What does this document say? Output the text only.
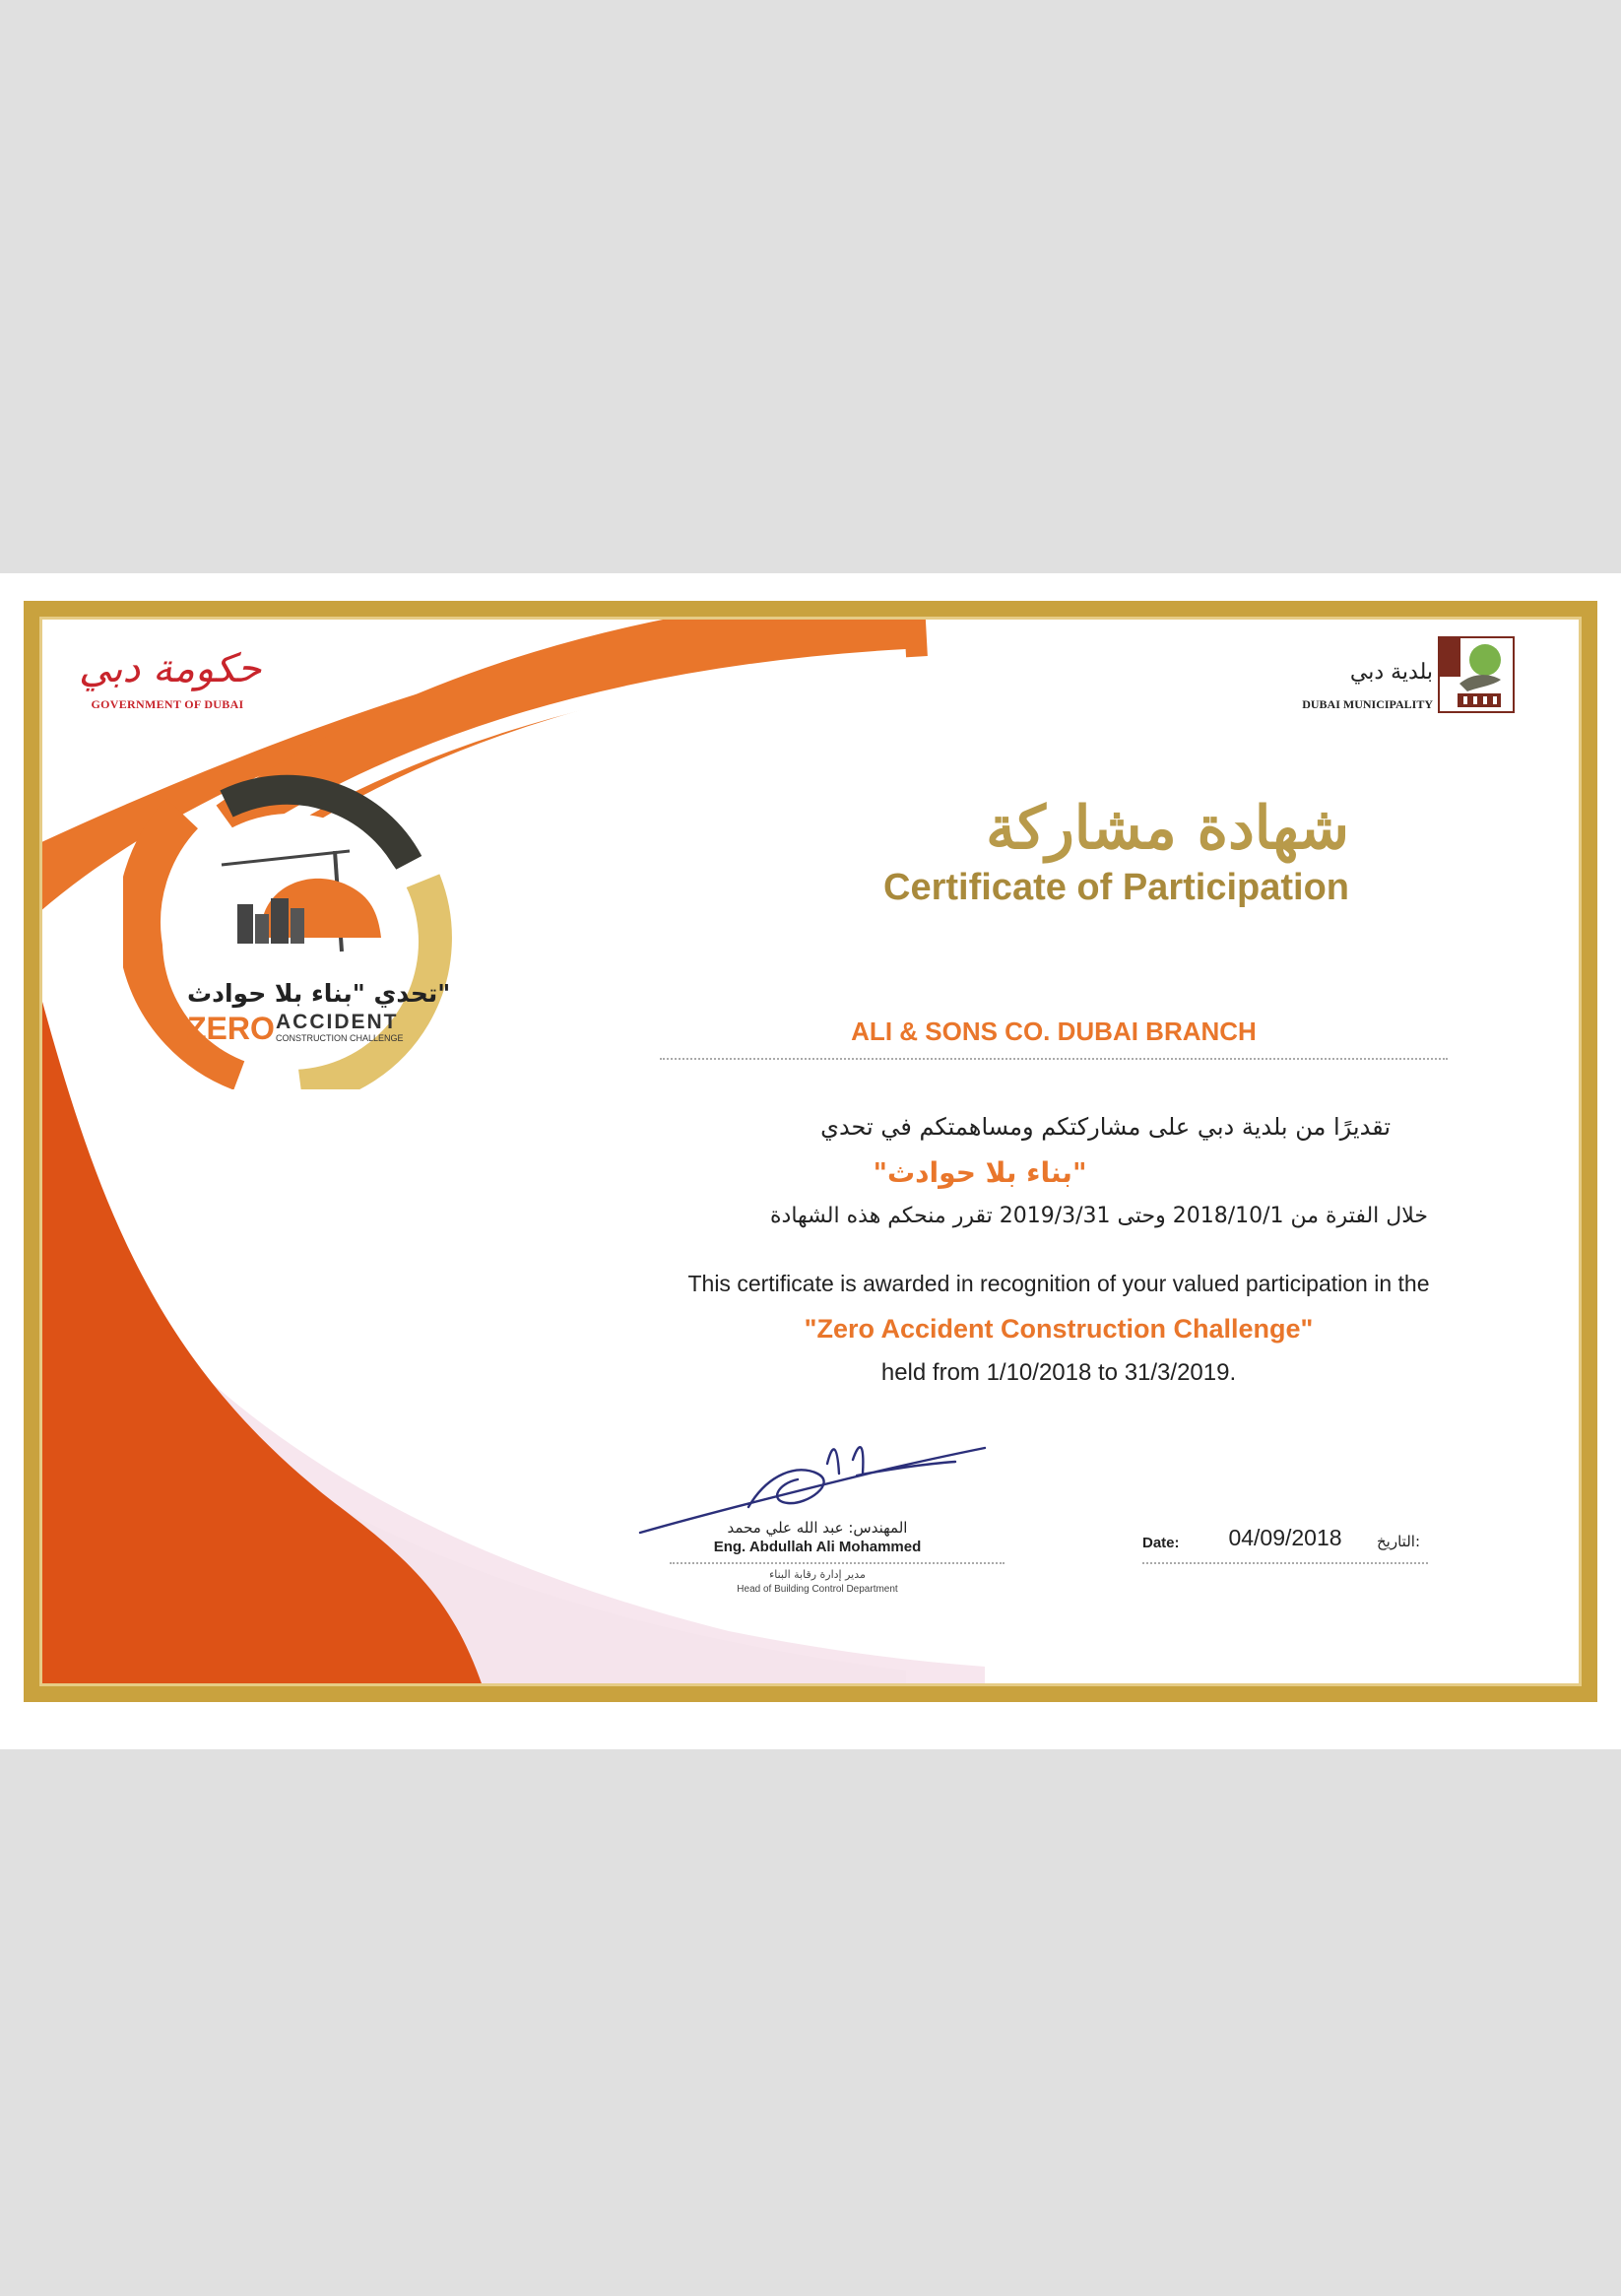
حكومة دبي
GOVERNMENT OF DUBAI
بلدية دبي
DUBAI MUNICIPALITY
تحدي "بناء بلا حوادث"
ZERO ACCIDENT
CONSTRUCTION CHALLENGE
شهادة مشاركة
Certificate of Participation
ALI & SONS CO. DUBAI BRANCH
تقديرًا من بلدية دبي على مشاركتكم ومساهمتكم في تحدي
"بناء بلا حوادث"
خلال الفترة من 2018/10/1 وحتى 2019/3/31 تقرر منحكم هذه الشهادة
This certificate is awarded in recognition of your valued participation in the
"Zero Accident Construction Challenge"
held from 1/10/2018 to 31/3/2019.
المهندس: عبد الله علي محمد
Eng. Abdullah Ali Mohammed
مدير إدارة رقابة البناء
Head of Building Control Department
Date:	04/09/2018	التاريخ:
